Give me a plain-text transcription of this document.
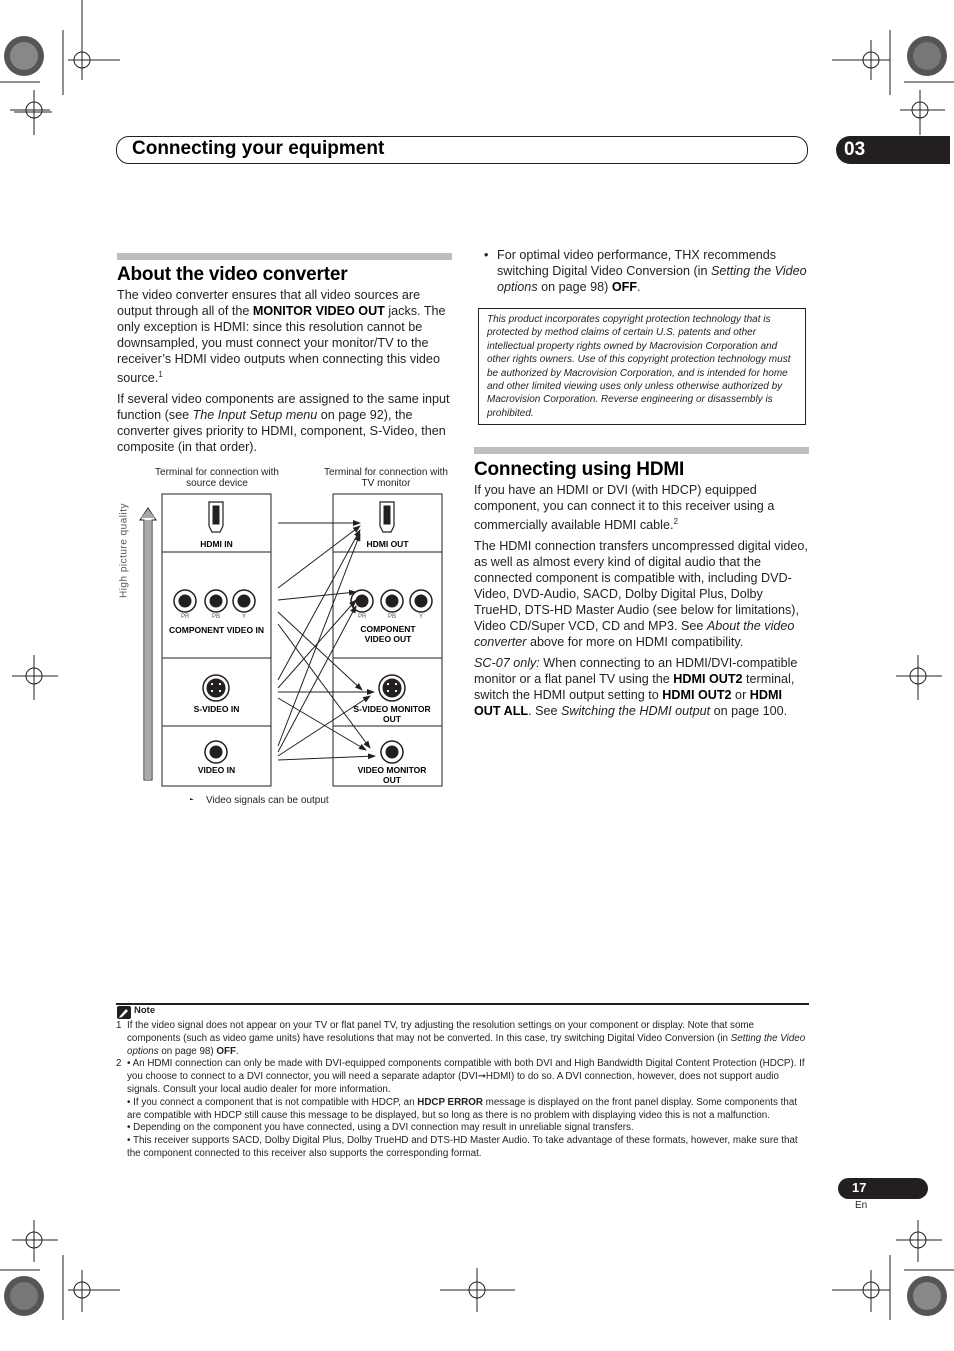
Connecting your equipment	03
About the video converter

The video converter ensures that all video sources are output through all of the MONITOR VIDEO OUT jacks. The only exception is HDMI: since this resolution cannot be downsampled, you must connect your monitor/TV to the receiver’s HDMI video outputs when connecting this video source.$^1$

If several video components are assigned to the same input function (see The Input Setup menu on page 92), the converter gives priority to HDMI, component, S-Video, then composite (in that order).

Terminal for connection with source device
Terminal for connection with TV monitor
High picture quality	HDMI IN	HDMI OUT
PR	PB	Y	PR	PB	Y
COMPONENT VIDEO IN	COMPONENT VIDEO OUT
S-VIDEO IN	S-VIDEO MONITOR OUT
VIDEO IN	VIDEO MONITOR OUT
Video signals can be output
• For optimal video performance, THX recommends switching Digital Video Conversion (in Setting the Video options on page 98) OFF.
This product incorporates copyright protection technology that is protected by method claims of certain U.S. patents and other intellectual property rights owned by Macrovision Corporation and other rights owners. Use of this copyright protection technology must be authorized by Macrovision Corporation, and is intended for home and other limited viewing uses only unless otherwise authorized by Macrovision Corporation. Reverse engineering or disassembly is prohibited.
Connecting using HDMI

If you have an HDMI or DVI (with HDCP) equipped component, you can connect it to this receiver using a commercially available HDMI cable.$^2$

The HDMI connection transfers uncompressed digital video, as well as almost every kind of digital audio that the connected component is compatible with, including DVD-Video, DVD-Audio, SACD, Dolby Digital Plus, Dolby TrueHD, DTS-HD Master Audio (see below for limitations), Video CD/Super VCD, CD and MP3. See About the video converter above for more on HDMI compatibility.

SC-07 only: When connecting to an HDMI/DVI-compatible monitor or a flat panel TV using the HDMI OUT2 terminal, switch the HDMI output setting to HDMI OUT2 or HDMI OUT ALL. See Switching the HDMI output on page 100.

Note
1 If the video signal does not appear on your TV or flat panel TV, try adjusting the resolution settings on your component or display. Note that some components (such as video game units) have resolutions that may not be converted. In this case, try switching Digital Video Conversion (in Setting the Video options on page 98) OFF.
2 • An HDMI connection can only be made with DVI-equipped components compatible with both DVI and High Bandwidth Digital Content Protection (HDCP). If you choose to connect to a DVI connector, you will need a separate adaptor (DVI➞HDMI) to do so. A DVI connection, however, does not support audio signals. Consult your local audio dealer for more information.
• If you connect a component that is not compatible with HDCP, an HDCP ERROR message is displayed on the front panel display. Some components that are compatible with HDCP still cause this message to be displayed, but so long as there is no problem with displaying video this is not a malfunction.
• Depending on the component you have connected, using a DVI connection may result in unreliable signal transfers.
• This receiver supports SACD, Dolby Digital Plus, Dolby TrueHD and DTS-HD Master Audio. To take advantage of these formats, however, make sure that the component connected to this receiver also supports the corresponding format.
17
En
